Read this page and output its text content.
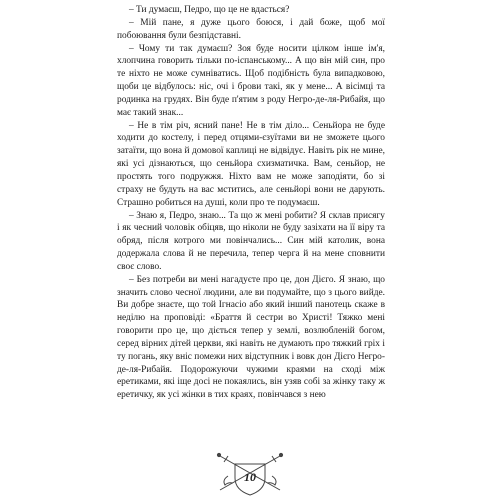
– Ти думаєш, Педро, що це не вдасться?

– Мій пане, я дуже цього боюся, і дай боже, щоб мої побоювання були безпідставні.

– Чому ти так думаєш? Зоя буде носити цілком інше ім'я, хлопчина говорить тільки по-іспанському... А що він мій син, про те ніхто не може сумніватись. Щоб подібність була випадковою, щоби це відбулось: ніс, очі і брови такі, як у мене... А вісімці та родинка на грудях. Він буде п'ятим з роду Негро-де-ля-Рибайя, що має такий знак...

– Не в тім річ, ясний пане! Не в тім діло... Сеньйора не буде ходити до костелу, і перед отцями-єзуїтами ви не зможете цього затаїти, що вона й домової каплиці не відвідує. Навіть рік не мине, які усі дізнаються, що сеньйора схизматичка. Вам, сеньйор, не простять того подружжя. Ніхто вам не може заподіяти, бо зі страху не будуть на вас мститись, але сеньйорі вони не дарують. Страшно робиться на душі, коли про те подумаєш.

– Знаю я, Педро, знаю... Та що ж мені робити? Я склав присягу і як чесний чоловік обіцяв, що ніколи не буду зазіхати на її віру та обряд, після котрого ми повінчались... Син мій католик, вона додержала слова й не перечила, тепер черга й на мене сповнити своє слово.

– Без потреби ви мені нагадуєте про це, дон Дієго. Я знаю, що значить слово чесної людини, але ви подумайте, що з цього вийде. Ви добре знаєте, що той Ігнасіо або який інший панотець скаже в неділю на проповіді: «Браття й сестри во Христі! Тяжко мені говорити про це, що діється тепер у землі, возлюбленій богом, серед вірних дітей церкви, які навіть не думають про тяжкий гріх і ту погань, яку вніс помежи них відступник і вовк дон Дієго Негро-де-ля-Рибайя. Подорожуючи чужими краями на сході між еретиками, які іще досі не покаялись, він узяв собі за жінку таку ж еретичку, як усі жінки в тих краях, повінчався з нею

10
